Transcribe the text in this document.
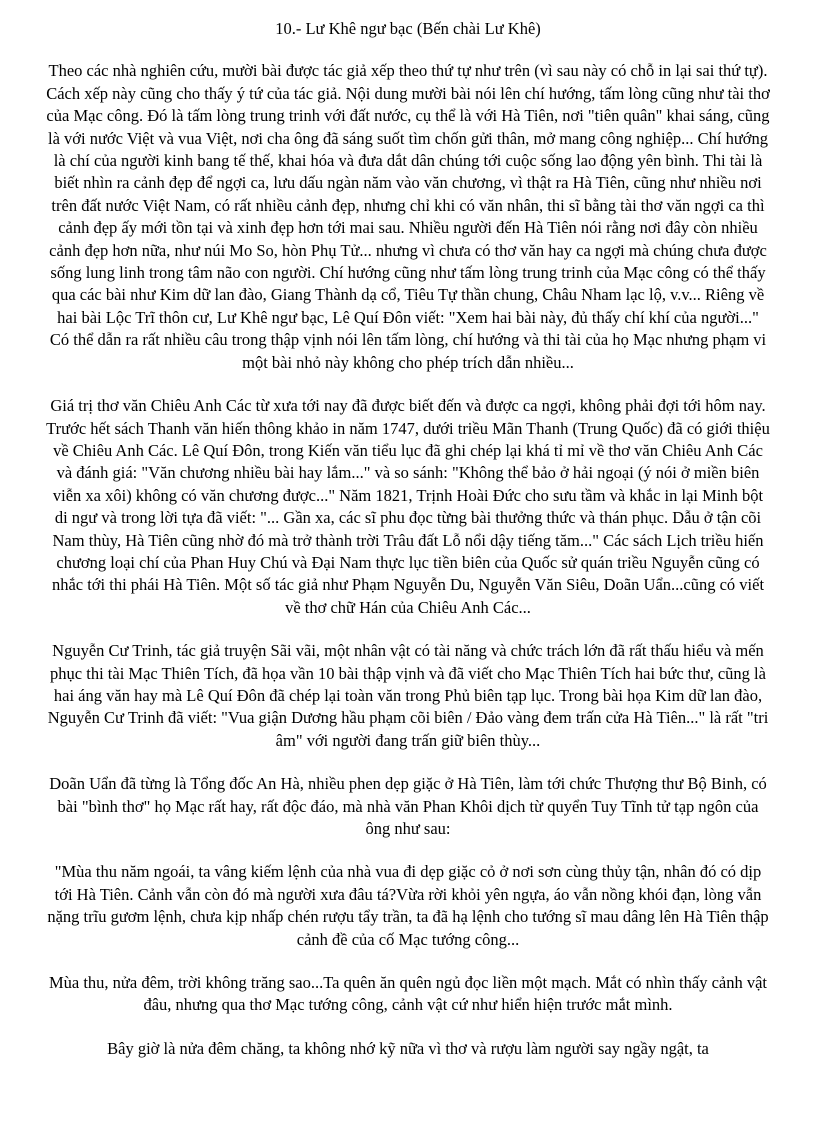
10.- Lư Khê ngư bạc (Bến chài Lư Khê)
Theo các nhà nghiên cứu, mười bài được tác giả xếp theo thứ tự như trên (vì sau này có chỗ in lại sai thứ tự). Cách xếp này cũng cho thấy ý tứ của tác giả. Nội dung mười bài nói lên chí hướng, tấm lòng cũng như tài thơ của Mạc công. Đó là tấm lòng trung trinh với đất nước, cụ thể là với Hà Tiên, nơi "tiên quân" khai sáng, cũng là với nước Việt và vua Việt, nơi cha ông đã sáng suốt tìm chốn gửi thân, mở mang công nghiệp... Chí hướng là chí của người kinh bang tế thế, khai hóa và đưa dắt dân chúng tới cuộc sống lao động yên bình. Thi tài là biết nhìn ra cảnh đẹp để ngợi ca, lưu dấu ngàn năm vào văn chương, vì thật ra Hà Tiên, cũng như nhiều nơi trên đất nước Việt Nam, có rất nhiều cảnh đẹp, nhưng chỉ khi có văn nhân, thi sĩ bằng tài thơ văn ngợi ca thì cảnh đẹp ấy mới tồn tại và xinh đẹp hơn tới mai sau. Nhiều người đến Hà Tiên nói rằng nơi đây còn nhiều cảnh đẹp hơn nữa, như núi Mo So, hòn Phụ Tử... nhưng vì chưa có thơ văn hay ca ngợi mà chúng chưa được sống lung linh trong tâm não con người. Chí hướng cũng như tấm lòng trung trinh của Mạc công có thể thấy qua các bài như Kim dữ lan đào, Giang Thành dạ cổ, Tiêu Tự thần chung, Châu Nham lạc lộ, v.v... Riêng về hai bài Lộc Trĩ thôn cư, Lư Khê ngư bạc, Lê Quí Đôn viết: "Xem hai bài này, đủ thấy chí khí của người..." Có thể dẫn ra rất nhiều câu trong thập vịnh nói lên tấm lòng, chí hướng và thi tài của họ Mạc nhưng phạm vi một bài nhỏ này không cho phép trích dẫn nhiều...
Giá trị thơ văn Chiêu Anh Các từ xưa tới nay đã được biết đến và được ca ngợi, không phải đợi tới hôm nay. Trước hết sách Thanh văn hiến thông khảo in năm 1747, dưới triều Mãn Thanh (Trung Quốc) đã có giới thiệu về Chiêu Anh Các. Lê Quí Đôn, trong Kiến văn tiểu lục đã ghi chép lại khá tỉ mỉ về thơ văn Chiêu Anh Các và đánh giá: "Văn chương nhiều bài hay lắm..." và so sánh: "Không thể bảo ở hải ngoại (ý nói ở miền biên viễn xa xôi) không có văn chương được..." Năm 1821, Trịnh Hoài Đức cho sưu tầm và khắc in lại Minh bột di ngư và trong lời tựa đã viết: "... Gần xa, các sĩ phu đọc từng bài thưởng thức và thán phục. Dẫu ở tận cõi Nam thùy, Hà Tiên cũng nhờ đó mà trở thành trời Trâu đất Lỗ nổi dậy tiếng tăm..." Các sách Lịch triều hiến chương loại chí của Phan Huy Chú và Đại Nam thực lục tiền biên của Quốc sử quán triều Nguyễn cũng có nhắc tới thi phái Hà Tiên. Một số tác giả như Phạm Nguyễn Du, Nguyễn Văn Siêu, Doãn Uẩn...cũng có viết về thơ chữ Hán của Chiêu Anh Các...
Nguyễn Cư Trinh, tác giả truyện Sãi vãi, một nhân vật có tài năng và chức trách lớn đã rất thấu hiểu và mến phục thi tài Mạc Thiên Tích, đã họa vần 10 bài thập vịnh và đã viết cho Mạc Thiên Tích hai bức thư, cũng là hai áng văn hay mà Lê Quí Đôn đã chép lại toàn văn trong Phủ biên tạp lục. Trong bài họa Kim dữ lan đào, Nguyễn Cư Trinh đã viết: "Vua giận Dương hầu phạm cõi biên / Đảo vàng đem trấn cửa Hà Tiên..." là rất "tri âm" với người đang trấn giữ biên thùy...
Doãn Uẩn đã từng là Tổng đốc An Hà, nhiều phen dẹp giặc ở Hà Tiên, làm tới chức Thượng thư Bộ Binh, có bài "bình thơ" họ Mạc rất hay, rất độc đáo, mà nhà văn Phan Khôi dịch từ quyển Tuy Tĩnh tử tạp ngôn của ông như sau:
"Mùa thu năm ngoái, ta vâng kiếm lệnh của nhà vua đi dẹp giặc cỏ ở nơi sơn cùng thủy tận, nhân đó có dịp tới Hà Tiên. Cảnh vẫn còn đó mà người xưa đâu tá?Vừa rời khỏi yên ngựa, áo vẫn nồng khói đạn, lòng vẫn nặng trĩu gươm lệnh, chưa kịp nhấp chén rượu tẩy trần, ta đã hạ lệnh cho tướng sĩ mau dâng lên Hà Tiên thập cảnh đề của cố Mạc tướng công...
Mùa thu, nửa đêm, trời không trăng sao...Ta quên ăn quên ngủ đọc liền một mạch. Mắt có nhìn thấy cảnh vật đâu, nhưng qua thơ Mạc tướng công, cảnh vật cứ như hiển hiện trước mắt mình.
Bây giờ là nửa đêm chăng, ta không nhớ kỹ nữa vì thơ và rượu làm người say ngầy ngật, ta
